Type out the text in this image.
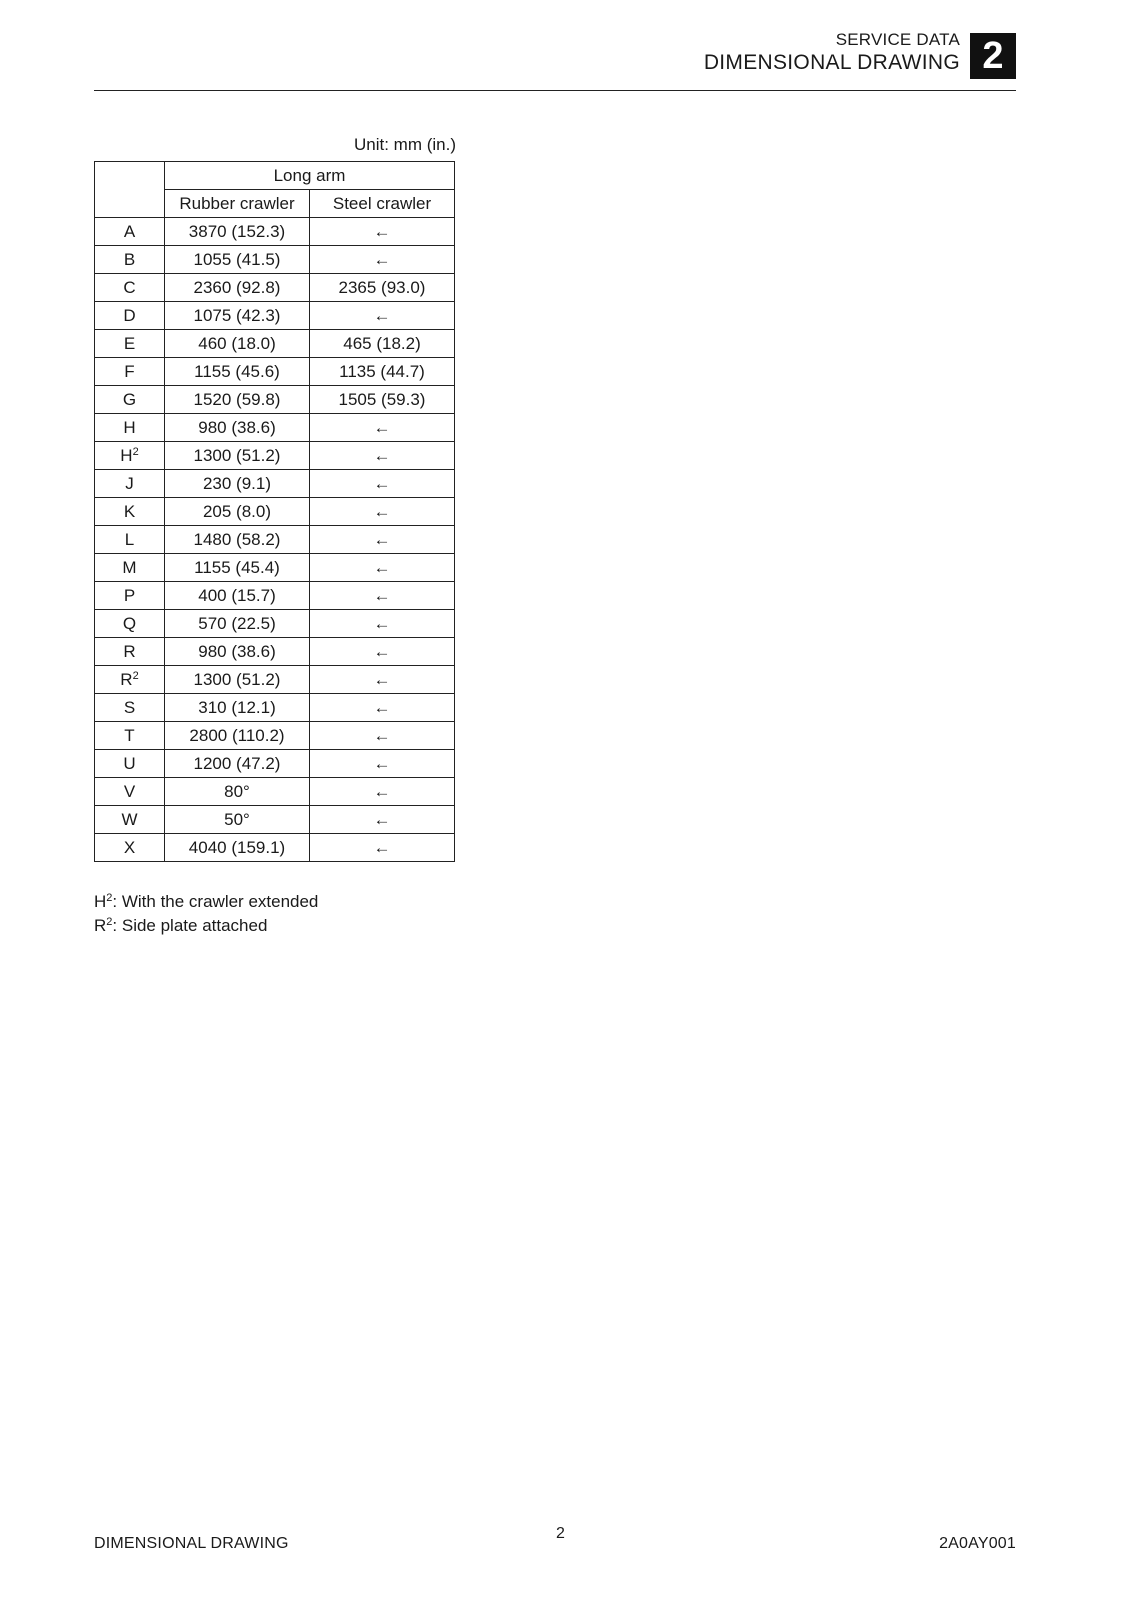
SERVICE DATA
DIMENSIONAL DRAWING 2
Unit: mm (in.)
	Long arm	
	Rubber crawler	Steel crawler
A	3870 (152.3)	←
B	1055 (41.5)	←
C	2360 (92.8)	2365 (93.0)
D	1075 (42.3)	←
E	460 (18.0)	465 (18.2)
F	1155 (45.6)	1135 (44.7)
G	1520 (59.8)	1505 (59.3)
H	980 (38.6)	←
$H^2$	1300 (51.2)	←
J	230 (9.1)	←
K	205 (8.0)	←
L	1480 (58.2)	←
M	1155 (45.4)	←
P	400 (15.7)	←
Q	570 (22.5)	←
R	980 (38.6)	←
$R^2$	1300 (51.2)	←
S	310 (12.1)	←
T	2800 (110.2)	←
U	1200 (47.2)	←
V	80°	←
W	50°	←
X	4040 (159.1)	←
$H^2$: With the crawler extended
$R^2$: Side plate attached
DIMENSIONAL DRAWING
2
2A0AY001
